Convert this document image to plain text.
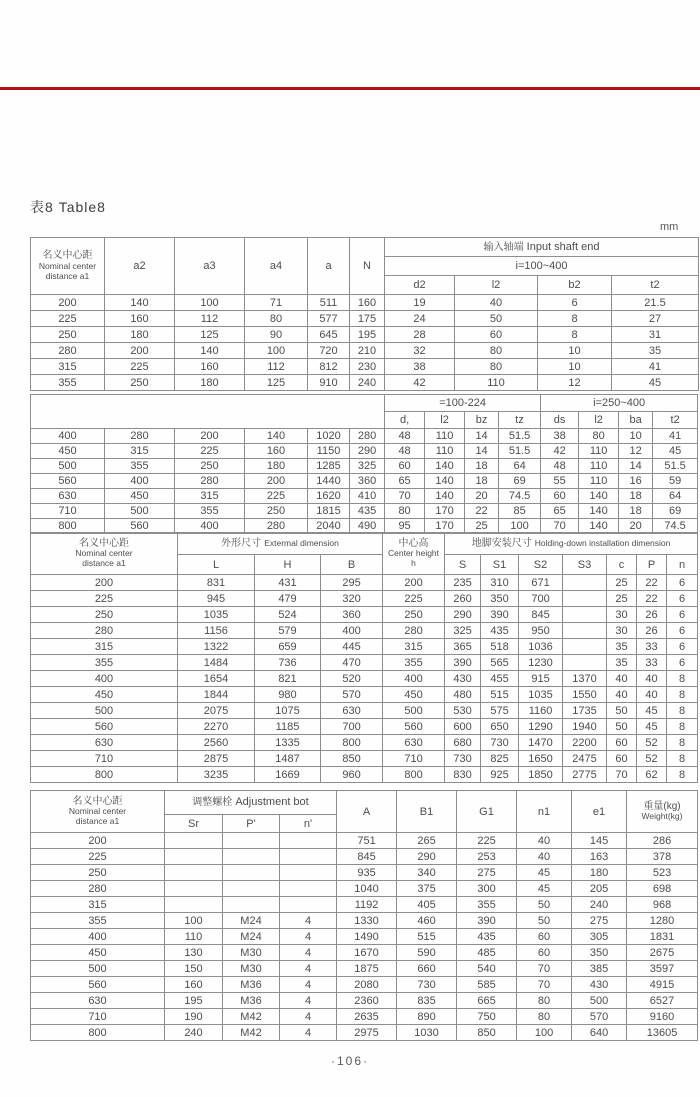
表8 Table8
mm
名义中心距
Nominal center
distance a1	a2	a3	a4	a	N	输入轴端 Input shaft end			
						i=100~400			
						d2	l2	b2	t2
200	140	100	71	511	160	19	40	6	21.5
225	160	112	80	577	175	24	50	8	27
250	180	125	90	645	195	28	60	8	31
280	200	140	100	720	210	32	80	10	35
315	225	160	112	812	230	38	80	10	41
355	250	180	125	910	240	42	110	12	45
						=100-224				i=250~400			
						d,	l2	bz	tz	ds	l2	ba	t2
400	280	200	140	1020	280	48	110	14	51.5	38	80	10	41
450	315	225	160	1150	290	48	110	14	51.5	42	110	12	45
500	355	250	180	1285	325	60	140	18	64	48	110	14	51.5
560	400	280	200	1440	360	65	140	18	69	55	110	16	59
630	450	315	225	1620	410	70	140	20	74.5	60	140	18	64
710	500	355	250	1815	435	80	170	22	85	65	140	18	69
800	560	400	280	2040	490	95	170	25	100	70	140	20	74.5
名义中心距
Nominal center
distance a1
	外形尺寸 Extermal dimension	中心高
Center height
h
	地脚安装尺寸 Holding-down installation dimension
	L	H	B		S	S1	S2	S3	c	P	n
200	831	431	295	200	235	310	671		25	22	6
225	945	479	320	225	260	350	700		25	22	6
250	1035	524	360	250	290	390	845		30	26	6
280	1156	579	400	280	325	435	950		30	26	6
315	1322	659	445	315	365	518	1036		35	33	6
355	1484	736	470	355	390	565	1230		35	33	6
400	1654	821	520	400	430	455	915	1370	40	40	8
450	1844	980	570	450	480	515	1035	1550	40	40	8
500	2075	1075	630	500	530	575	1160	1735	50	45	8
560	2270	1185	700	560	600	650	1290	1940	50	45	8
630	2560	1335	800	630	680	730	1470	2200	60	52	8
710	2875	1487	850	710	730	825	1650	2475	60	52	8
800	3235	1669	960	800	830	925	1850	2775	70	62	8
名义中心距
Nominal center
distance a1
	调整螺栓 Adjustment bot	A	B1	G1	n1	e1	重量(kg)
Weight(kg)

	Sr	P'	n'						
200				751	265	225	40	145	286
225				845	290	253	40	163	378
250				935	340	275	45	180	523
280				1040	375	300	45	205	698
315				1192	405	355	50	240	968
355	100	M24	4	1330	460	390	50	275	1280
400	110	M24	4	1490	515	435	60	305	1831
450	130	M30	4	1670	590	485	60	350	2675
500	150	M30	4	1875	660	540	70	385	3597
560	160	M36	4	2080	730	585	70	430	4915
630	195	M36	4	2360	835	665	80	500	6527
710	190	M42	4	2635	890	750	80	570	9160
800	240	M42	4	2975	1030	850	100	640	13605
·106·
